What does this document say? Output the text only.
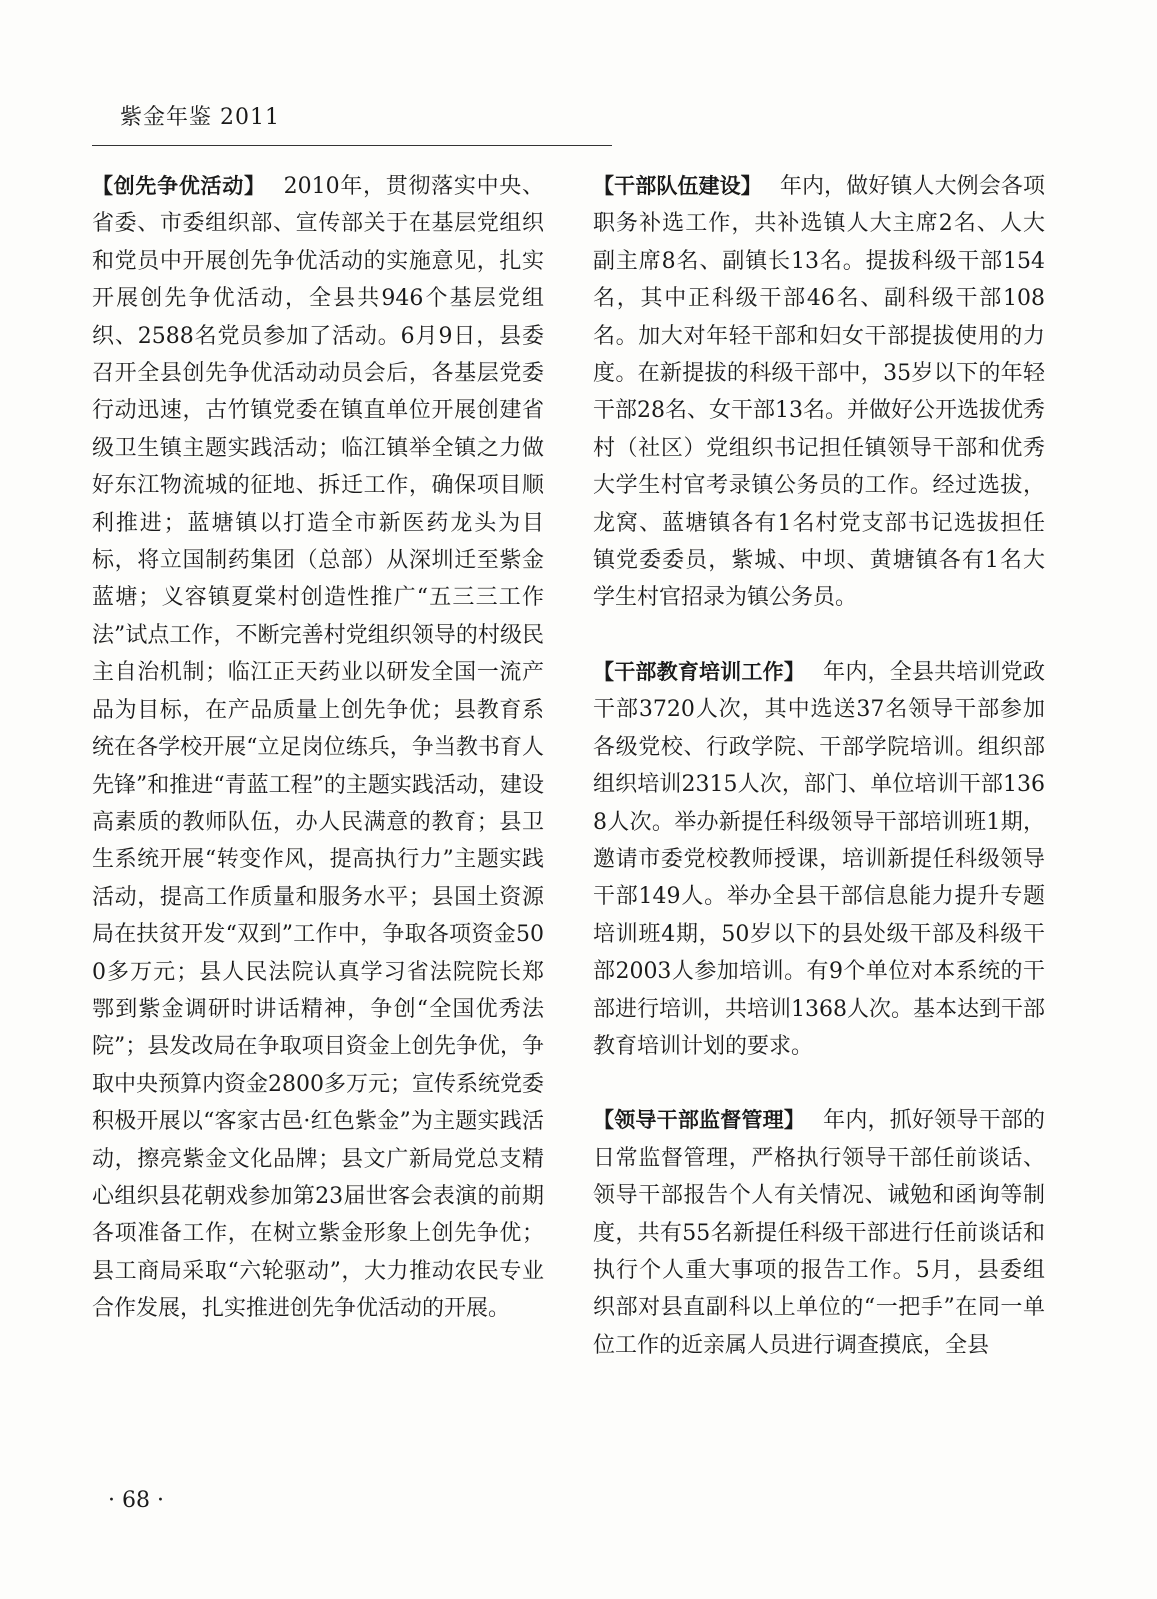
紫金年鉴 2011

【创先争优活动】 2010年，贯彻落实中央、省委、市委组织部、宣传部关于在基层党组织和党员中开展创先争优活动的实施意见，扎实开展创先争优活动，全县共946个基层党组织、2588名党员参加了活动。6月9日，县委召开全县创先争优活动动员会后，各基层党委行动迅速，古竹镇党委在镇直单位开展创建省级卫生镇主题实践活动；临江镇举全镇之力做好东江物流城的征地、拆迁工作，确保项目顺利推进；蓝塘镇以打造全市新医药龙头为目标，将立国制药集团（总部）从深圳迁至紫金蓝塘；义容镇夏棠村创造性推广“五三三工作法”试点工作，不断完善村党组织领导的村级民主自治机制；临江正天药业以研发全国一流产品为目标，在产品质量上创先争优；县教育系统在各学校开展“立足岗位练兵，争当教书育人先锋”和推进“青蓝工程”的主题实践活动，建设高素质的教师队伍，办人民满意的教育；县卫生系统开展“转变作风，提高执行力”主题实践活动，提高工作质量和服务水平；县国土资源局在扶贫开发“双到”工作中，争取各项资金500多万元；县人民法院认真学习省法院院长郑鄂到紫金调研时讲话精神，争创“全国优秀法院”；县发改局在争取项目资金上创先争优，争取中央预算内资金2800多万元；宣传系统党委积极开展以“客家古邑·红色紫金”为主题实践活动，擦亮紫金文化品牌；县文广新局党总支精心组织县花朝戏参加第23届世客会表演的前期各项准备工作，在树立紫金形象上创先争优；县工商局采取“六轮驱动”，大力推动农民专业合作发展，扎实推进创先争优活动的开展。

【干部队伍建设】 年内，做好镇人大例会各项职务补选工作，共补选镇人大主席2名、人大副主席8名、副镇长13名。提拔科级干部154名，其中正科级干部46名、副科级干部108名。加大对年轻干部和妇女干部提拔使用的力度。在新提拔的科级干部中，35岁以下的年轻干部28名、女干部13名。并做好公开选拔优秀村（社区）党组织书记担任镇领导干部和优秀大学生村官考录镇公务员的工作。经过选拔，龙窝、蓝塘镇各有1名村党支部书记选拔担任镇党委委员，紫城、中坝、黄塘镇各有1名大学生村官招录为镇公务员。

【干部教育培训工作】 年内，全县共培训党政干部3720人次，其中选送37名领导干部参加各级党校、行政学院、干部学院培训。组织部组织培训2315人次，部门、单位培训干部1368人次。举办新提任科级领导干部培训班1期，邀请市委党校教师授课，培训新提任科级领导干部149人。举办全县干部信息能力提升专题培训班4期，50岁以下的县处级干部及科级干部2003人参加培训。有9个单位对本系统的干部进行培训，共培训1368人次。基本达到干部教育培训计划的要求。

【领导干部监督管理】 年内，抓好领导干部的日常监督管理，严格执行领导干部任前谈话、领导干部报告个人有关情况、诫勉和函询等制度，共有55名新提任科级干部进行任前谈话和执行个人重大事项的报告工作。5月，县委组织部对县直副科以上单位的“一把手”在同一单位工作的近亲属人员进行调查摸底，全县

· 68 ·
